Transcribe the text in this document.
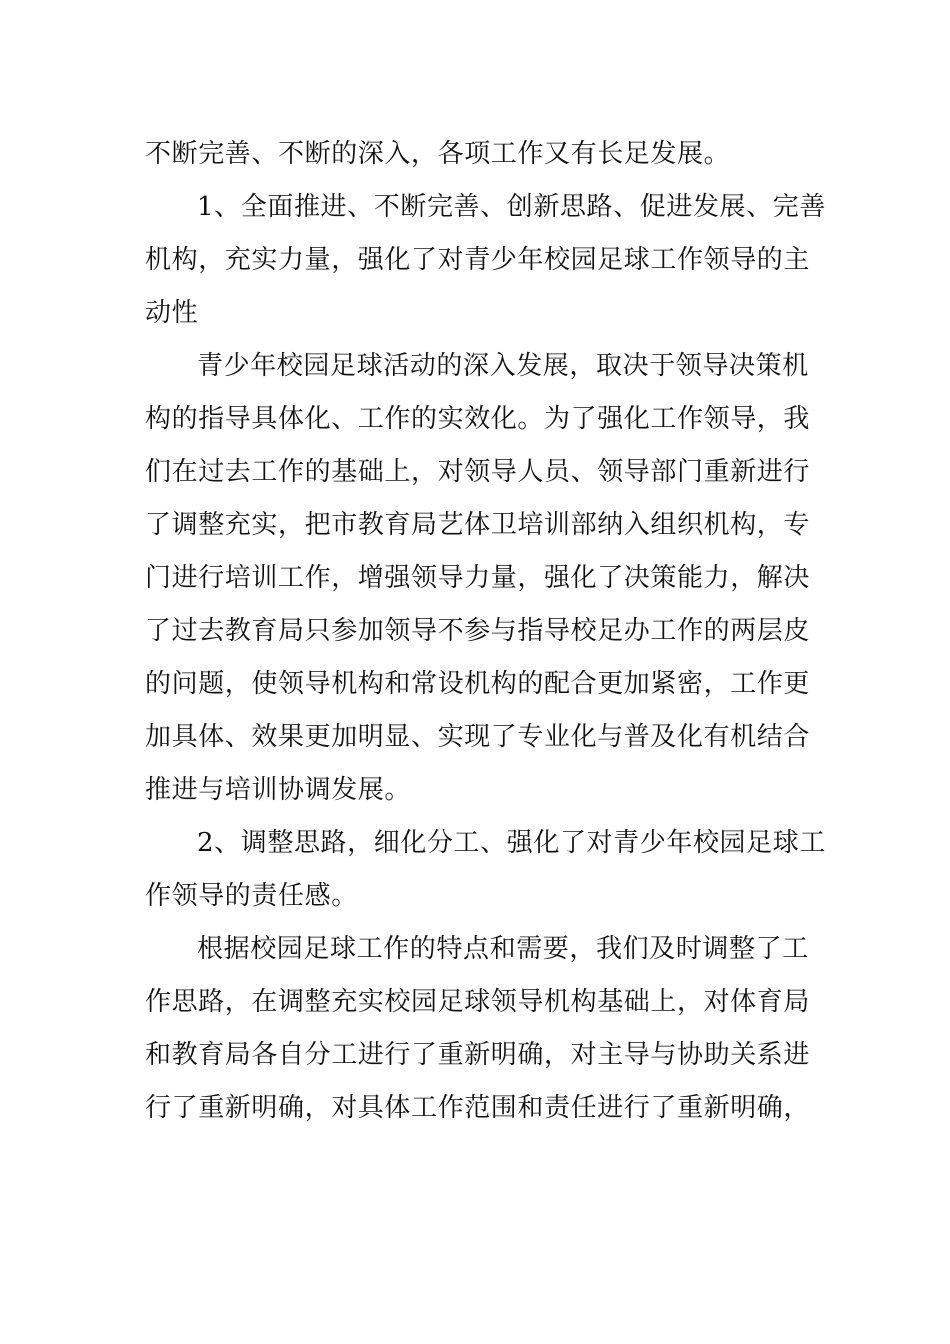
不断完善、不断的深入，各项工作又有长足发展。
1、全面推进、不断完善、创新思路、促进发展、完善
机构，充实力量，强化了对青少年校园足球工作领导的主
动性
青少年校园足球活动的深入发展，取决于领导决策机
构的指导具体化、工作的实效化。为了强化工作领导，我
们在过去工作的基础上，对领导人员、领导部门重新进行
了调整充实，把市教育局艺体卫培训部纳入组织机构，专
门进行培训工作，增强领导力量，强化了决策能力，解决
了过去教育局只参加领导不参与指导校足办工作的两层皮
的问题，使领导机构和常设机构的配合更加紧密，工作更
加具体、效果更加明显、实现了专业化与普及化有机结合
推进与培训协调发展。
2、调整思路，细化分工、强化了对青少年校园足球工
作领导的责任感。
根据校园足球工作的特点和需要，我们及时调整了工
作思路，在调整充实校园足球领导机构基础上，对体育局
和教育局各自分工进行了重新明确，对主导与协助关系进
行了重新明确，对具体工作范围和责任进行了重新明确，
